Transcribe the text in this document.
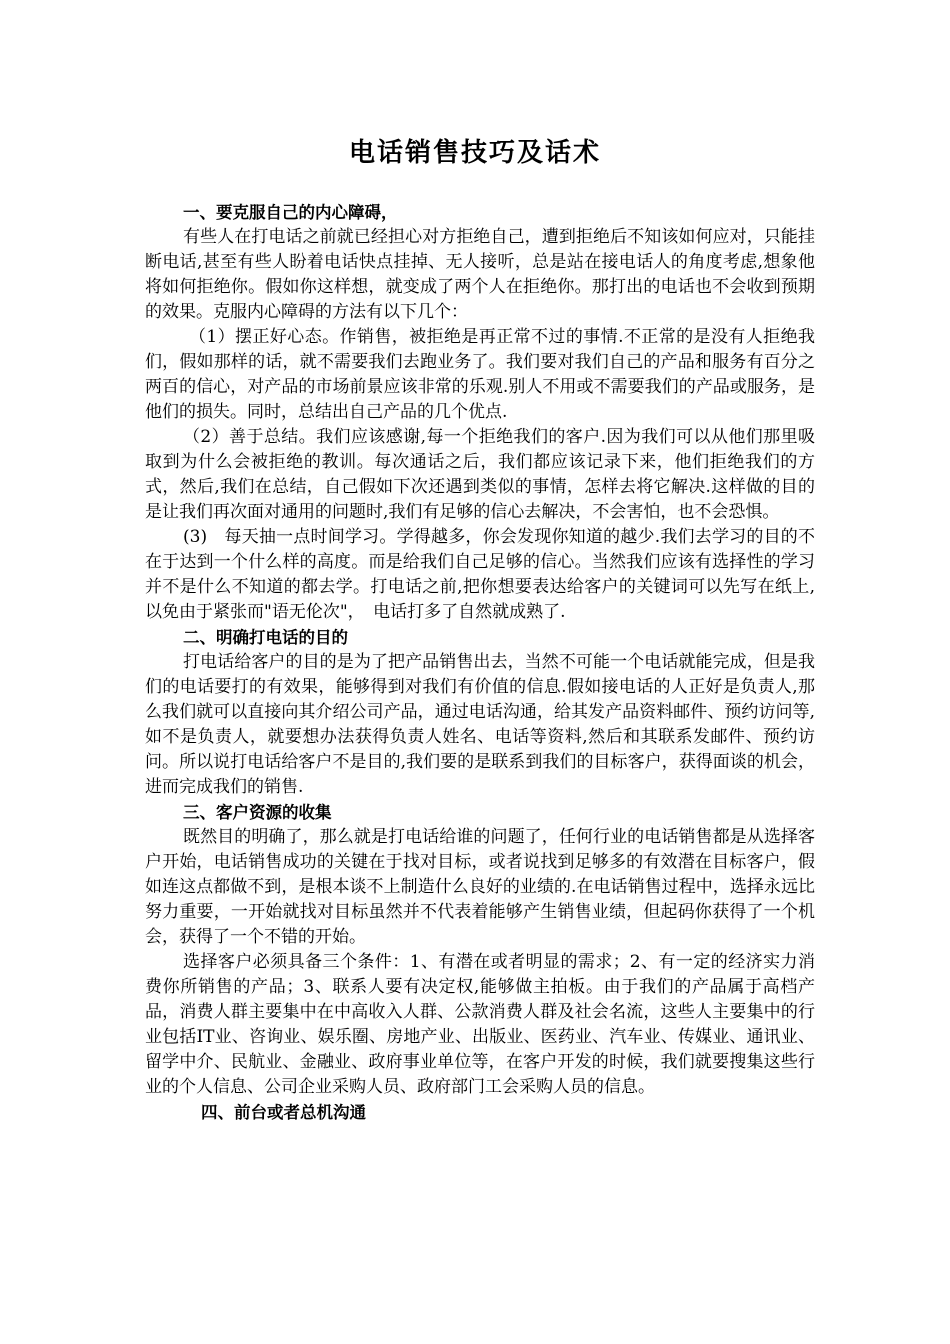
电话销售技巧及话术

一、要克服自己的内心障碍，

有些人在打电话之前就已经担心对方拒绝自己，遭到拒绝后不知该如何应对，只能挂断电话,甚至有些人盼着电话快点挂掉、无人接听，总是站在接电话人的角度考虑,想象他将如何拒绝你。假如你这样想，就变成了两个人在拒绝你。那打出的电话也不会收到预期的效果。克服内心障碍的方法有以下几个：

（1）摆正好心态。作销售，被拒绝是再正常不过的事情.不正常的是没有人拒绝我们，假如那样的话，就不需要我们去跑业务了。我们要对我们自己的产品和服务有百分之两百的信心，对产品的市场前景应该非常的乐观.别人不用或不需要我们的产品或服务，是他们的损失。同时，总结出自己产品的几个优点.

（2）善于总结。我们应该感谢,每一个拒绝我们的客户.因为我们可以从他们那里吸取到为什么会被拒绝的教训。每次通话之后，我们都应该记录下来，他们拒绝我们的方式，然后,我们在总结，自己假如下次还遇到类似的事情，怎样去将它解决.这样做的目的是让我们再次面对通用的问题时,我们有足够的信心去解决，不会害怕，也不会恐惧。

(3)　每天抽一点时间学习。学得越多，你会发现你知道的越少.我们去学习的目的不在于达到一个什么样的高度。而是给我们自己足够的信心。当然我们应该有选择性的学习并不是什么不知道的都去学。打电话之前,把你想要表达给客户的关键词可以先写在纸上,以免由于紧张而"语无伦次"，　电话打多了自然就成熟了.

二、明确打电话的目的

打电话给客户的目的是为了把产品销售出去，当然不可能一个电话就能完成，但是我们的电话要打的有效果，能够得到对我们有价值的信息.假如接电话的人正好是负责人,那么我们就可以直接向其介绍公司产品，通过电话沟通，给其发产品资料邮件、预约访问等,如不是负责人，就要想办法获得负责人姓名、电话等资料,然后和其联系发邮件、预约访问。所以说打电话给客户不是目的,我们要的是联系到我们的目标客户，获得面谈的机会，进而完成我们的销售.

三、客户资源的收集

既然目的明确了，那么就是打电话给谁的问题了，任何行业的电话销售都是从选择客户开始，电话销售成功的关键在于找对目标，或者说找到足够多的有效潜在目标客户，假如连这点都做不到，是根本谈不上制造什么良好的业绩的.在电话销售过程中，选择永远比努力重要，一开始就找对目标虽然并不代表着能够产生销售业绩，但起码你获得了一个机会，获得了一个不错的开始。

选择客户必须具备三个条件：1、有潜在或者明显的需求；2、有一定的经济实力消费你所销售的产品；3、联系人要有决定权,能够做主拍板。由于我们的产品属于高档产品，消费人群主要集中在中高收入人群、公款消费人群及社会名流，这些人主要集中的行业包括IT业、咨询业、娱乐圈、房地产业、出版业、医药业、汽车业、传媒业、通讯业、留学中介、民航业、金融业、政府事业单位等，在客户开发的时候，我们就要搜集这些行业的个人信息、公司企业采购人员、政府部门工会采购人员的信息。

四、前台或者总机沟通
